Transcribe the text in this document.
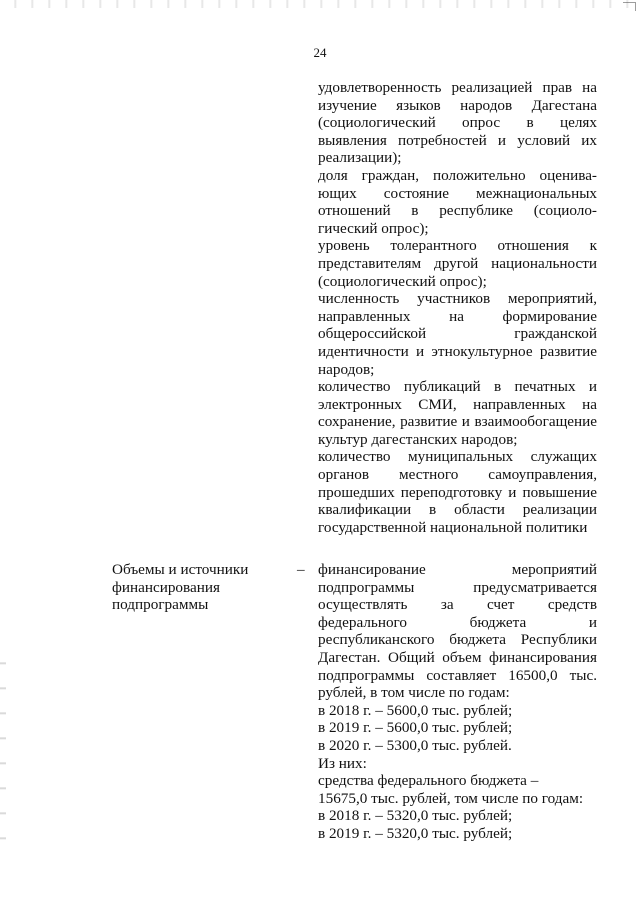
24
удовлетворенность реализацией прав на
изучение языков народов Дагестана
(социологический опрос в целях
выявления потребностей и условий их
реализации);
доля граждан, положительно оценива-
ющих состояние межнациональных
отношений в республике (социоло-
гический опрос);
уровень толерантного отношения к
представителям другой национальности
(социологический опрос);
численность участников мероприятий,
направленных на формирование
общероссийской гражданской
идентичности и этнокультурное развитие
народов;
количество публикаций в печатных и
электронных СМИ, направленных на
сохранение, развитие и взаимообогащение
культур дагестанских народов;
количество муниципальных служащих
органов местного самоуправления,
прошедших переподготовку и повышение
квалификации в области реализации
государственной национальной политики
Объемы и источники
финансирования
подпрограммы
– финансирование мероприятий
подпрограммы предусматривается
осуществлять за счет средств
федерального бюджета и
республиканского бюджета Республики
Дагестан. Общий объем финансирования
подпрограммы составляет 16500,0 тыс.
рублей, в том числе по годам:
в 2018 г. – 5600,0 тыс. рублей;
в 2019 г. – 5600,0 тыс. рублей;
в 2020 г. – 5300,0 тыс. рублей.
Из них:
средства федерального бюджета –
15675,0 тыс. рублей, том числе по годам:
в 2018 г. – 5320,0 тыс. рублей;
в 2019 г. – 5320,0 тыс. рублей;
